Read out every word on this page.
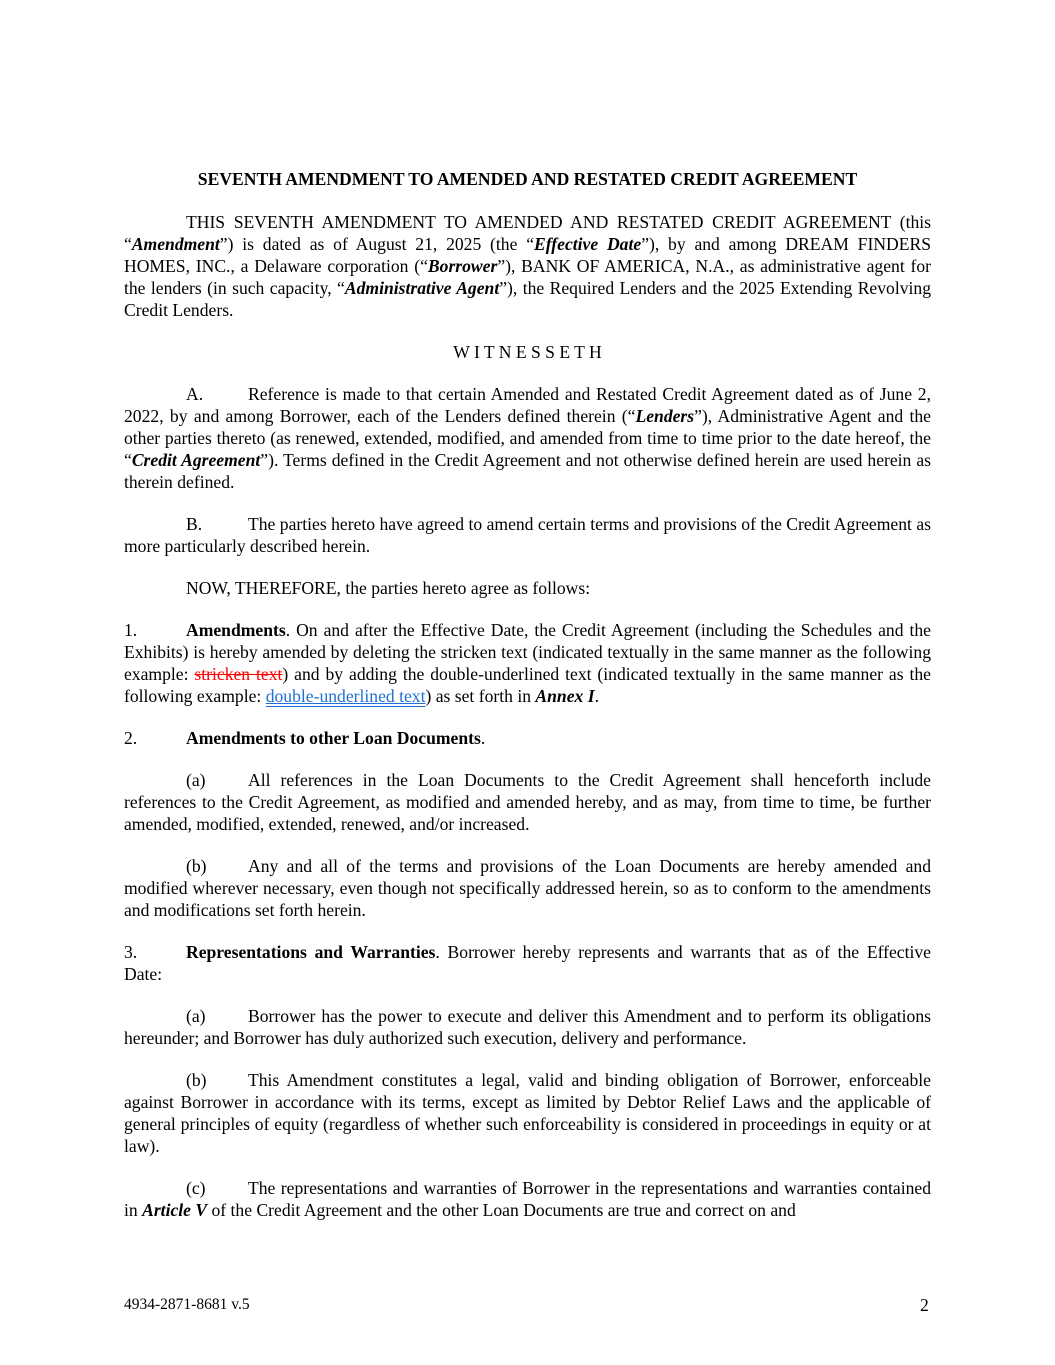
SEVENTH AMENDMENT TO AMENDED AND RESTATED CREDIT AGREEMENT

THIS SEVENTH AMENDMENT TO AMENDED AND RESTATED CREDIT AGREEMENT (this “Amendment”) is dated as of August 21, 2025 (the “Effective Date”), by and among DREAM FINDERS HOMES, INC., a Delaware corporation (“Borrower”), BANK OF AMERICA, N.A., as administrative agent for the lenders (in such capacity, “Administrative Agent”), the Required Lenders and the 2025 Extending Revolving Credit Lenders.

W I T N E S S E T H

A.	Reference is made to that certain Amended and Restated Credit Agreement dated as of June 2, 2022, by and among Borrower, each of the Lenders defined therein (“Lenders”), Administrative Agent and the other parties thereto (as renewed, extended, modified, and amended from time to time prior to the date hereof, the “Credit Agreement”). Terms defined in the Credit Agreement and not otherwise defined herein are used herein as therein defined.

B.	The parties hereto have agreed to amend certain terms and provisions of the Credit Agreement as more particularly described herein.

NOW, THEREFORE, the parties hereto agree as follows:

1.	Amendments. On and after the Effective Date, the Credit Agreement (including the Schedules and the Exhibits) is hereby amended by deleting the stricken text (indicated textually in the same manner as the following example: stricken text) and by adding the double-underlined text (indicated textually in the same manner as the following example: double-underlined text) as set forth in Annex I.

2.	Amendments to other Loan Documents.

(a) All references in the Loan Documents to the Credit Agreement shall henceforth include references to the Credit Agreement, as modified and amended hereby, and as may, from time to time, be further amended, modified, extended, renewed, and/or increased.

(b) Any and all of the terms and provisions of the Loan Documents are hereby amended and modified wherever necessary, even though not specifically addressed herein, so as to conform to the amendments and modifications set forth herein.

3.	Representations and Warranties. Borrower hereby represents and warrants that as of the Effective Date:

(a) Borrower has the power to execute and deliver this Amendment and to perform its obligations hereunder; and Borrower has duly authorized such execution, delivery and performance.

(b) This Amendment constitutes a legal, valid and binding obligation of Borrower, enforceable against Borrower in accordance with its terms, except as limited by Debtor Relief Laws and the applicable of general principles of equity (regardless of whether such enforceability is considered in proceedings in equity or at law).

(c) The representations and warranties of Borrower in the representations and warranties contained in Article V of the Credit Agreement and the other Loan Documents are true and correct on and

4934-2871-8681 v.5	2
